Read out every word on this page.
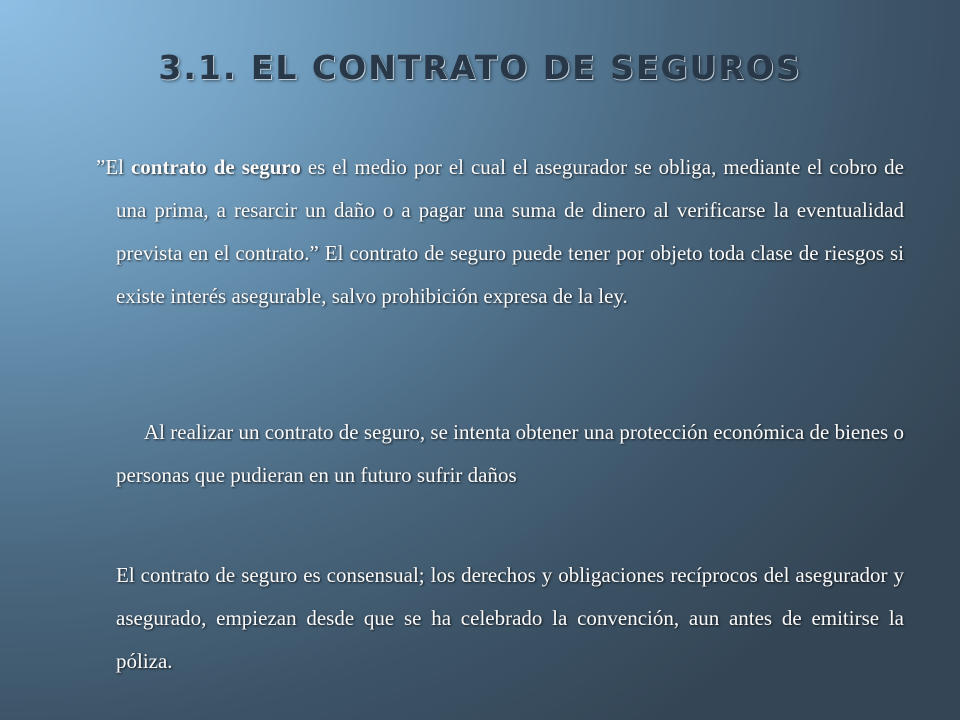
3.1. EL CONTRATO DE SEGUROS

”El contrato de seguro es el medio por el cual el asegurador se obliga, mediante el cobro de una prima, a resarcir un daño o a pagar una suma de dinero al verificarse la eventualidad prevista en el contrato.” El contrato de seguro puede tener por objeto toda clase de riesgos si existe interés asegurable, salvo prohibición expresa de la ley.

Al realizar un contrato de seguro, se intenta obtener una protección económica de bienes o personas que pudieran en un futuro sufrir daños

El contrato de seguro es consensual; los derechos y obligaciones recíprocos del asegurador y asegurado, empiezan desde que se ha celebrado la convención, aun antes de emitirse la póliza.
